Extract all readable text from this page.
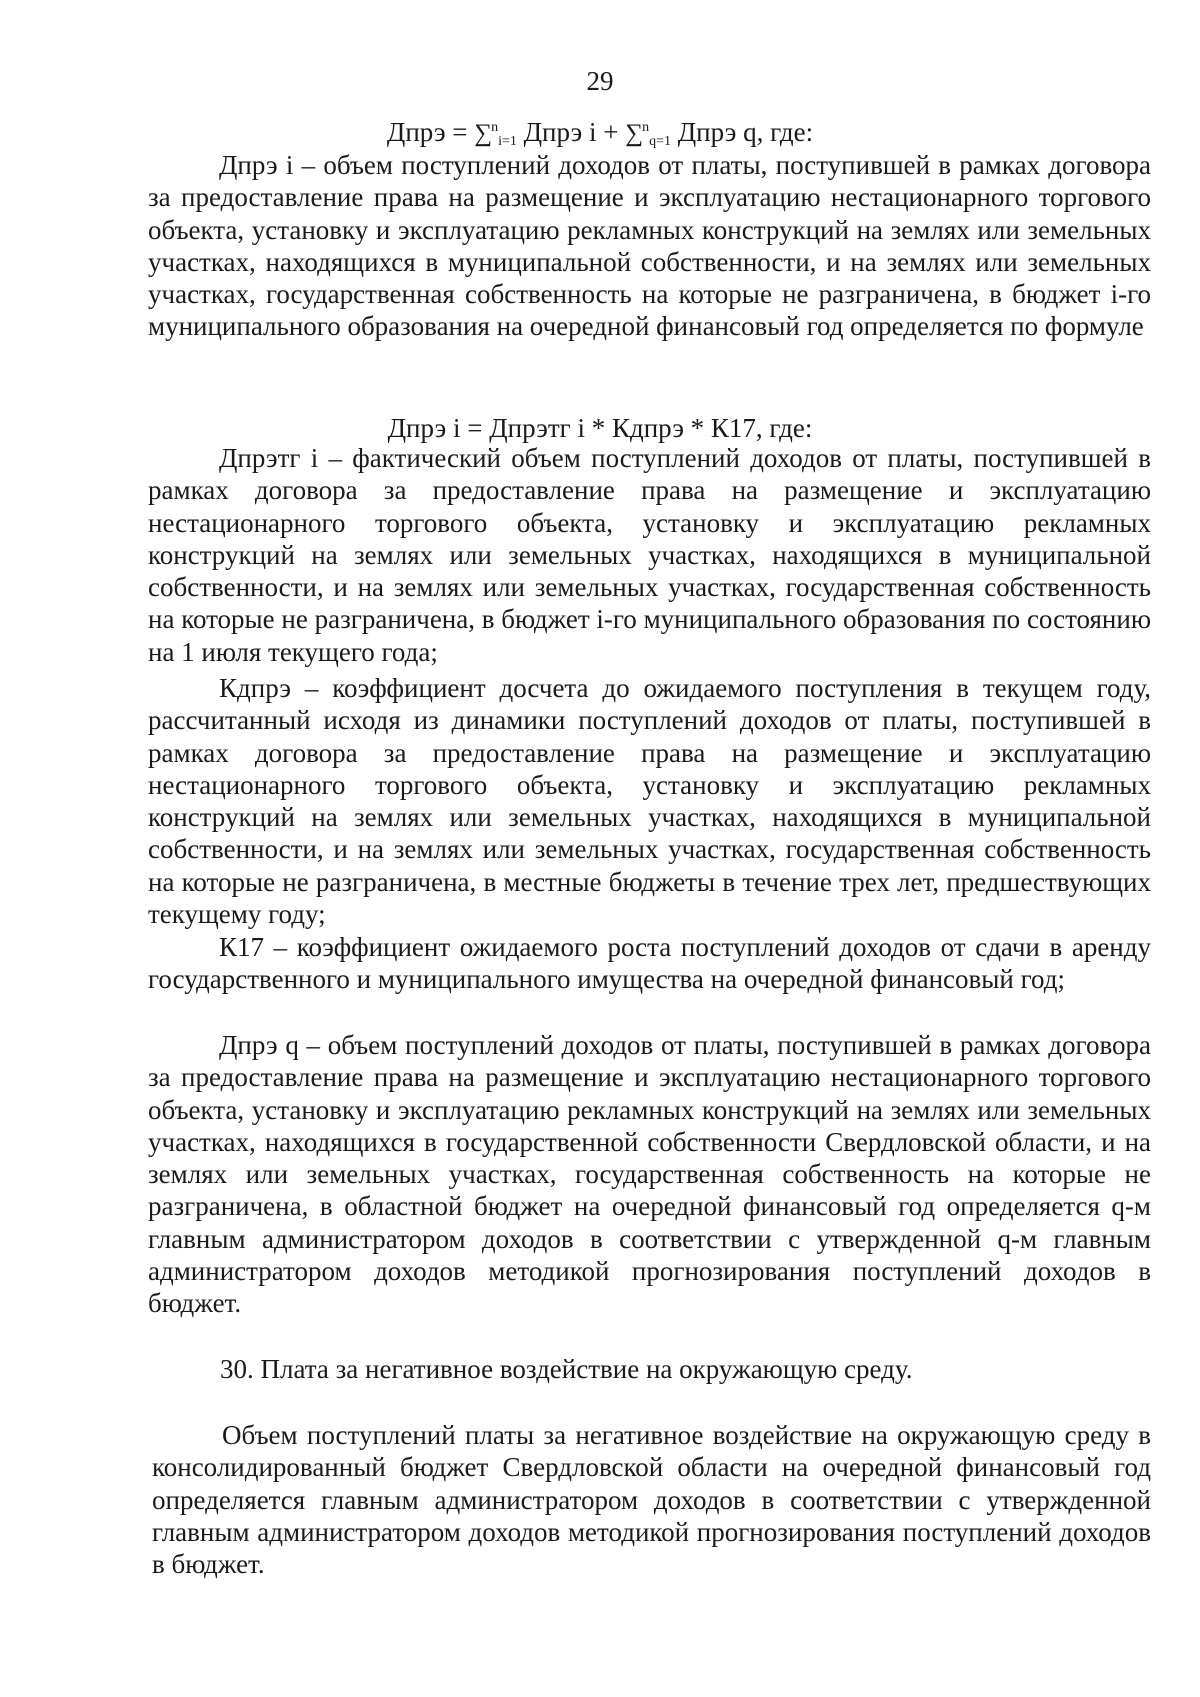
29
Дпрэ = ∑$^n$i=1 Дпрэ i + ∑$^n$q=1 Дпрэ q, где:

Дпрэ i – объем поступлений доходов от платы, поступившей в рамках договора за предоставление права на размещение и эксплуатацию нестационарного торгового объекта, установку и эксплуатацию рекламных конструкций на землях или земельных участках, находящихся в муниципальной собственности, и на землях или земельных участках, государственная собственность на которые не разграничена, в бюджет i-го муниципального образования на очередной финансовый год определяется по формуле

Дпрэ i = Дпрэтг i * Кдпрэ * К17, где:

Дпрэтг i – фактический объем поступлений доходов от платы, поступившей в рамках договора за предоставление права на размещение и эксплуатацию нестационарного торгового объекта, установку и эксплуатацию рекламных конструкций на землях или земельных участках, находящихся в муниципальной собственности, и на землях или земельных участках, государственная собственность на которые не разграничена, в бюджет i-го муниципального образования по состоянию на 1 июля текущего года;

Кдпрэ – коэффициент досчета до ожидаемого поступления в текущем году, рассчитанный исходя из динамики поступлений доходов от платы, поступившей в рамках договора за предоставление права на размещение и эксплуатацию нестационарного торгового объекта, установку и эксплуатацию рекламных конструкций на землях или земельных участках, находящихся в муниципальной собственности, и на землях или земельных участках, государственная собственность на которые не разграничена, в местные бюджеты в течение трех лет, предшествующих текущему году;

К17 – коэффициент ожидаемого роста поступлений доходов от сдачи в аренду государственного и муниципального имущества на очередной финансовый год;

Дпрэ q – объем поступлений доходов от платы, поступившей в рамках договора за предоставление права на размещение и эксплуатацию нестационарного торгового объекта, установку и эксплуатацию рекламных конструкций на землях или земельных участках, находящихся в государственной собственности Свердловской области, и на землях или земельных участках, государственная собственность на которые не разграничена, в областной бюджет на очередной финансовый год определяется q-м главным администратором доходов в соответствии с утвержденной q-м главным администратором доходов методикой прогнозирования поступлений доходов в бюджет.

30. Плата за негативное воздействие на окружающую среду.

Объем поступлений платы за негативное воздействие на окружающую среду в консолидированный бюджет Свердловской области на очередной финансовый год определяется главным администратором доходов в соответствии с утвержденной главным администратором доходов методикой прогнозирования поступлений доходов в бюджет.
